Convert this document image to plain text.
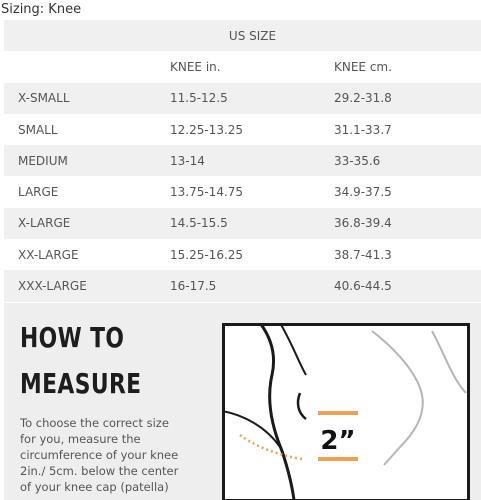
Sizing: Knee
US SIZE		
	KNEE in.	KNEE cm.
X-SMALL	11.5-12.5	29.2-31.8
SMALL	12.25-13.25	31.1-33.7
MEDIUM	13-14	33-35.6
LARGE	13.75-14.75	34.9-37.5
X-LARGE	14.5-15.5	36.8-39.4
XX-LARGE	15.25-16.25	38.7-41.3
XXX-LARGE	16-17.5	40.6-44.5
HOW TO
MEASURE
To choose the correct size
for you, measure the
circumference of your knee
2in./ 5cm. below the center
of your knee cap (patella)
2”
